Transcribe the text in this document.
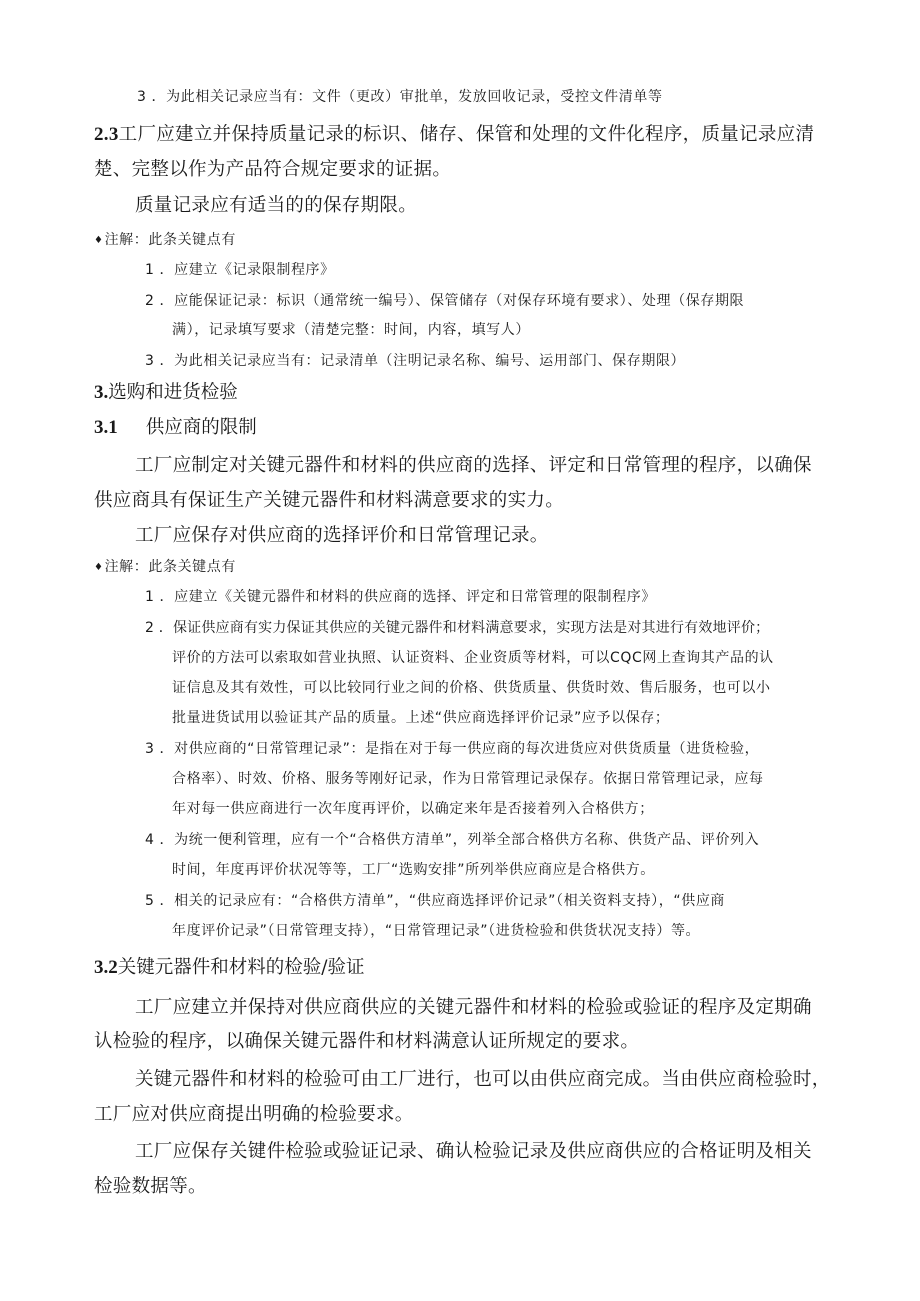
3 ．为此相关记录应当有：文件（更改）审批单，发放回收记录，受控文件清单等
2.3工厂应建立并保持质量记录的标识、储存、保管和处理的文件化程序，质量记录应清
楚、完整以作为产品符合规定要求的证据。
质量记录应有适当的的保存期限。
♦注解：此条关键点有
1 ．应建立《记录限制程序》
2 ．应能保证记录：标识（通常统一编号）、保管储存（对保存环境有要求）、处理（保存期限
满），记录填写要求（清楚完整：时间，内容，填写人）
3 ．为此相关记录应当有：记录清单（注明记录名称、编号、运用部门、保存期限）
3.选购和进货检验
3.1 供应商的限制
工厂应制定对关键元器件和材料的供应商的选择、评定和日常管理的程序，以确保
供应商具有保证生产关键元器件和材料满意要求的实力。
工厂应保存对供应商的选择评价和日常管理记录。
♦注解：此条关键点有
1 ．应建立《关键元器件和材料的供应商的选择、评定和日常管理的限制程序》
2 ．保证供应商有实力保证其供应的关键元器件和材料满意要求，实现方法是对其进行有效地评价；
评价的方法可以索取如营业执照、认证资料、企业资质等材料，可以CQC网上查询其产品的认
证信息及其有效性，可以比较同行业之间的价格、供货质量、供货时效、售后服务，也可以小
批量进货试用以验证其产品的质量。上述“供应商选择评价记录”应予以保存；
3 ．对供应商的“日常管理记录”：是指在对于每一供应商的每次进货应对供货质量（进货检验，
合格率）、时效、价格、服务等刚好记录，作为日常管理记录保存。依据日常管理记录，应每
年对每一供应商进行一次年度再评价，以确定来年是否接着列入合格供方；
4 ．为统一便利管理，应有一个“合格供方清单”，列举全部合格供方名称、供货产品、评价列入
时间，年度再评价状况等等，工厂“选购安排”所列举供应商应是合格供方。
5 ．相关的记录应有：“合格供方清单”，“供应商选择评价记录”（相关资料支持），“供应商
年度评价记录”（日常管理支持），“日常管理记录”（进货检验和供货状况支持）等。
3.2关键元器件和材料的检验/验证
工厂应建立并保持对供应商供应的关键元器件和材料的检验或验证的程序及定期确
认检验的程序，以确保关键元器件和材料满意认证所规定的要求。
关键元器件和材料的检验可由工厂进行，也可以由供应商完成。当由供应商检验时，
工厂应对供应商提出明确的检验要求。
工厂应保存关键件检验或验证记录、确认检验记录及供应商供应的合格证明及相关
检验数据等。
